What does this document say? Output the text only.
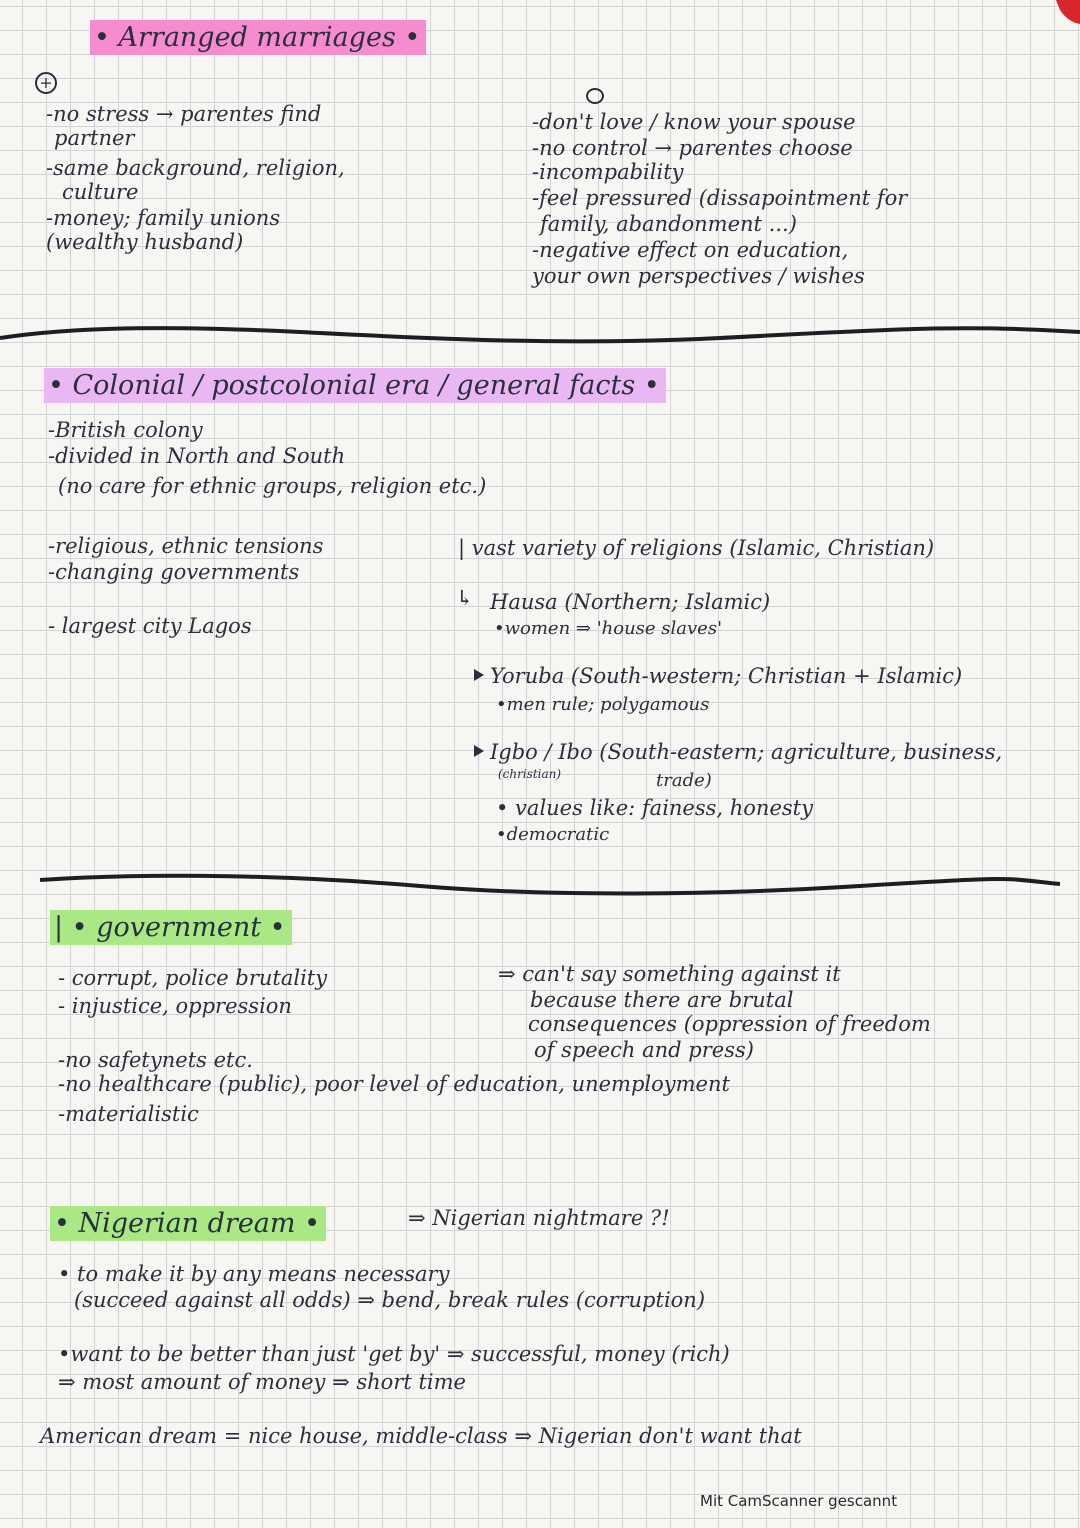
• Arranged marriages •
+
-no stress → parentes find
partner
-same background, religion,
culture
-money; family unions
(wealthy husband)
-don't love / know your spouse
-no control → parentes choose
-incompability
-feel pressured (dissapointment for
family, abandonment ...)
-negative effect on education,
your own perspectives / wishes
• Colonial / postcolonial era / general facts •
-British colony
-divided in North and South
(no care for ethnic groups, religion etc.)
-religious, ethnic tensions
-changing governments
- largest city Lagos
| vast variety of religions (Islamic, Christian)
↳ Hausa (Northern; Islamic)
•women ⇒ 'house slaves'
Yoruba (South-western; Christian + Islamic)
•men rule; polygamous
Igbo / Ibo (South-eastern; agriculture, business,
(christian)	trade)
• values like: fainess, honesty
•democratic
| • government •
- corrupt, police brutality
- injustice, oppression
-no safetynets etc.
-no healthcare (public), poor level of education, unemployment
-materialistic
⇒ can't say something against it
because there are brutal
consequences (oppression of freedom
of speech and press)
• Nigerian dream •	⇒ Nigerian nightmare ?!
• to make it by any means necessary
(succeed against all odds) ⇒ bend, break rules (corruption)
•want to be better than just 'get by' ⇒ successful, money (rich)
⇒ most amount of money ⇒ short time
American dream = nice house, middle-class ⇒ Nigerian don't want that
Mit CamScanner gescannt
